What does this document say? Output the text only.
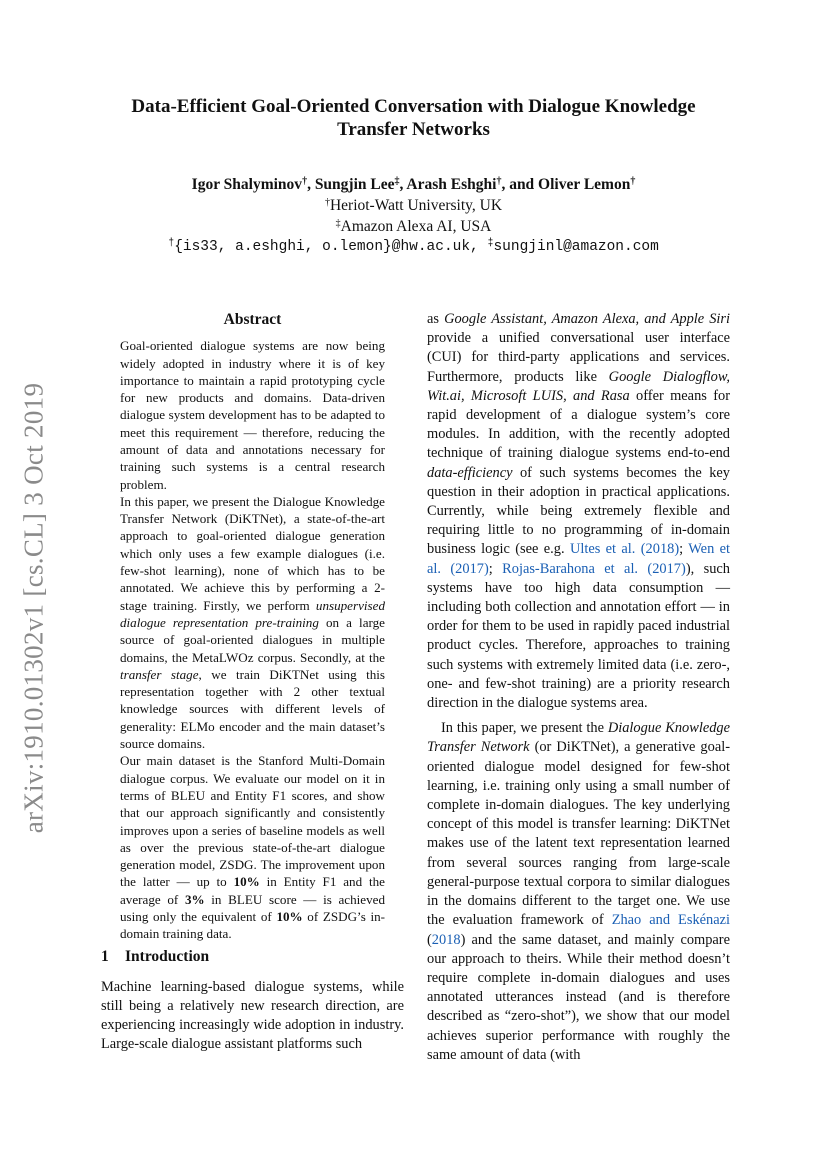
arXiv:1910.01302v1 [cs.CL] 3 Oct 2019
Data-Efficient Goal-Oriented Conversation with Dialogue Knowledge
Transfer Networks
Igor Shalyminov†, Sungjin Lee‡, Arash Eshghi†, and Oliver Lemon†
†Heriot-Watt University, UK
‡Amazon Alexa AI, USA
†{is33, a.eshghi, o.lemon}@hw.ac.uk, ‡sungjinl@amazon.com
Abstract

Goal-oriented dialogue systems are now being widely adopted in industry where it is of key importance to maintain a rapid prototyping cycle for new products and domains. Data-driven dialogue system development has to be adapted to meet this requirement — therefore, reducing the amount of data and annotations necessary for training such systems is a central research problem.

In this paper, we present the Dialogue Knowledge Transfer Network (DiKTNet), a state-of-the-art approach to goal-oriented dialogue generation which only uses a few example dialogues (i.e. few-shot learning), none of which has to be annotated. We achieve this by performing a 2-stage training. Firstly, we perform unsupervised dialogue representation pre-training on a large source of goal-oriented dialogues in multiple domains, the MetaLWOz corpus. Secondly, at the transfer stage, we train DiKTNet using this representation together with 2 other textual knowledge sources with different levels of generality: ELMo encoder and the main dataset’s source domains.

Our main dataset is the Stanford Multi-Domain dialogue corpus. We evaluate our model on it in terms of BLEU and Entity F1 scores, and show that our approach significantly and consistently improves upon a series of baseline models as well as over the previous state-of-the-art dialogue generation model, ZSDG. The improvement upon the latter — up to 10% in Entity F1 and the average of 3% in BLEU score — is achieved using only the equivalent of 10% of ZSDG’s in-domain training data.

1 Introduction

Machine learning-based dialogue systems, while still being a relatively new research direction, are experiencing increasingly wide adoption in industry. Large-scale dialogue assistant platforms such

as Google Assistant, Amazon Alexa, and Apple Siri provide a unified conversational user interface (CUI) for third-party applications and services. Furthermore, products like Google Dialogflow, Wit.ai, Microsoft LUIS, and Rasa offer means for rapid development of a dialogue system’s core modules. In addition, with the recently adopted technique of training dialogue systems end-to-end data-efficiency of such systems becomes the key question in their adoption in practical applications. Currently, while being extremely flexible and requiring little to no programming of in-domain business logic (see e.g. Ultes et al. (2018); Wen et al. (2017); Rojas-Barahona et al. (2017)), such systems have too high data consumption — including both collection and annotation effort — in order for them to be used in rapidly paced industrial product cycles. Therefore, approaches to training such systems with extremely limited data (i.e. zero-, one- and few-shot training) are a priority research direction in the dialogue systems area.

In this paper, we present the Dialogue Knowledge Transfer Network (or DiKTNet), a generative goal-oriented dialogue model designed for few-shot learning, i.e. training only using a small number of complete in-domain dialogues. The key underlying concept of this model is transfer learning: DiKTNet makes use of the latent text representation learned from several sources ranging from large-scale general-purpose textual corpora to similar dialogues in the domains different to the target one. We use the evaluation framework of Zhao and Eskénazi (2018) and the same dataset, and mainly compare our approach to theirs. While their method doesn’t require complete in-domain dialogues and uses annotated utterances instead (and is therefore described as “zero-shot”), we show that our model achieves superior performance with roughly the same amount of data (with
